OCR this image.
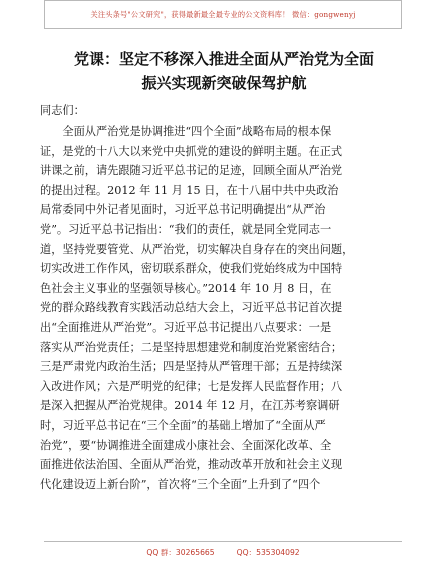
关注头条号"公文研究"，获得最新最全最专业的公文资料库！ 微信：gongwenyj
党课：坚定不移深入推进全面从严治党为全面
振兴实现新突破保驾护航
同志们：
　　全面从严治党是协调推进“四个全面”战略布局的根本保
证，是党的十八大以来党中央抓党的建设的鲜明主题。在正式
讲课之前，请先跟随习近平总书记的足迹，回顾全面从严治党
的提出过程。2012 年 11 月 15 日，在十八届中共中央政治
局常委同中外记者见面时，习近平总书记明确提出“从严治
党”。习近平总书记指出：“我们的责任，就是同全党同志一
道，坚持党要管党、从严治党，切实解决自身存在的突出问题，
切实改进工作作风，密切联系群众，使我们党始终成为中国特
色社会主义事业的坚强领导核心。”2014 年 10 月 8 日，在
党的群众路线教育实践活动总结大会上，习近平总书记首次提
出“全面推进从严治党”。习近平总书记提出八点要求：一是
落实从严治党责任；二是坚持思想建党和制度治党紧密结合；
三是严肃党内政治生活；四是坚持从严管理干部；五是持续深
入改进作风；六是严明党的纪律；七是发挥人民监督作用；八
是深入把握从严治党规律。2014 年 12 月，在江苏考察调研
时，习近平总书记在“三个全面”的基础上增加了“全面从严
治党”，要“协调推进全面建成小康社会、全面深化改革、全
面推进依法治国、全面从严治党，推动改革开放和社会主义现
代化建设迈上新台阶”，首次将“三个全面”上升到了“四个
QQ 群：30265665	QQ：535304092
